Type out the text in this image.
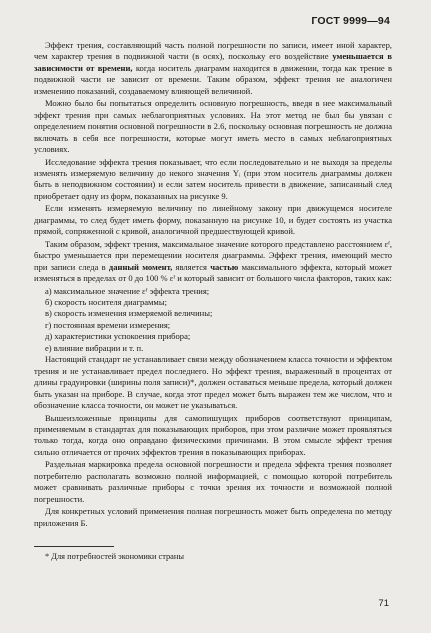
ГОСТ 9999—94

Эффект трения, составляющий часть полной погрешности по записи, имеет иной характер, чем характер трения в подвижной части (в осях), поскольку его воздействие уменьшается в зависимости от времени, когда носитель диаграмм находится в движении, тогда как трение в подвижной части не зависит от времени. Таким образом, эффект трения не аналогичен изменению показаний, создаваемому влияющей величиной.

Можно было бы попытаться определить основную погрешность, введя в нее максимальный эффект трения при самых неблагоприятных условиях. На этот метод не был бы увязан с определением понятия основной погрешности в 2.6, поскольку основная погрешность не должна включать в себя все погрешности, которые могут иметь место в самых неблагоприятных условиях.

Исследование эффекта трения показывает, что если последовательно и не выходя за пределы изменять измеряемую величину до некого значения Yᵢ (при этом носитель диаграммы должен быть в неподвижном состоянии) и если затем носитель привести в движение, записанный след приобретает одну из форм, показанных на рисунке 9.

Если изменять измеряемую величину по линейному закону при движущемся носителе диаграммы, то след будет иметь форму, показанную на рисунке 10, и будет состоять из участка прямой, сопряженной с кривой, аналогичной предшествующей кривой.

Таким образом, эффект трения, максимальное значение которого представлено расстоянием εᶠ, быстро уменьшается при перемещении носителя диаграммы. Эффект трения, имеющий место при записи следа в данный момент, является частью максимального эффекта, который может изменяться в пределах от 0 до 100 % εᶠ и который зависит от большого числа факторов, таких как:

а) максимальное значение εᶠ эффекта трения;
б) скорость носителя диаграммы;
в) скорость изменения измеряемой величины;
г) постоянная времени измерения;
д) характеристики успокоения прибора;
е) влияние вибрации и т. п.

Настоящий стандарт не устанавливает связи между обозначением класса точности и эффектом трения и не устанавливает предел последнего. Но эффект трения, выраженный в процентах от длины градуировки (ширины поля записи)*, должен оставаться меньше предела, который должен быть указан на приборе. В случае, когда этот предел может быть выражен тем же числом, что и обозначение класса точности, он может не указываться.

Вышеизложенные принципы для самопишущих приборов соответствуют принципам, применяемым в стандартах для показывающих приборов, при этом различие может проявляться только тогда, когда оно оправдано физическими причинами. В этом смысле эффект трения сильно отличается от прочих эффектов трения в показывающих приборах.

Раздельная маркировка предела основной погрешности и предела эффекта трения позволяет потребителю располагать возможно полной информацией, с помощью которой потребитель может сравнивать различные приборы с точки зрения их точности и возможной полной погрешности.

Для конкретных условий применения полная погрешность может быть определена по методу приложения Б.

* Для потребностей экономики страны

71
